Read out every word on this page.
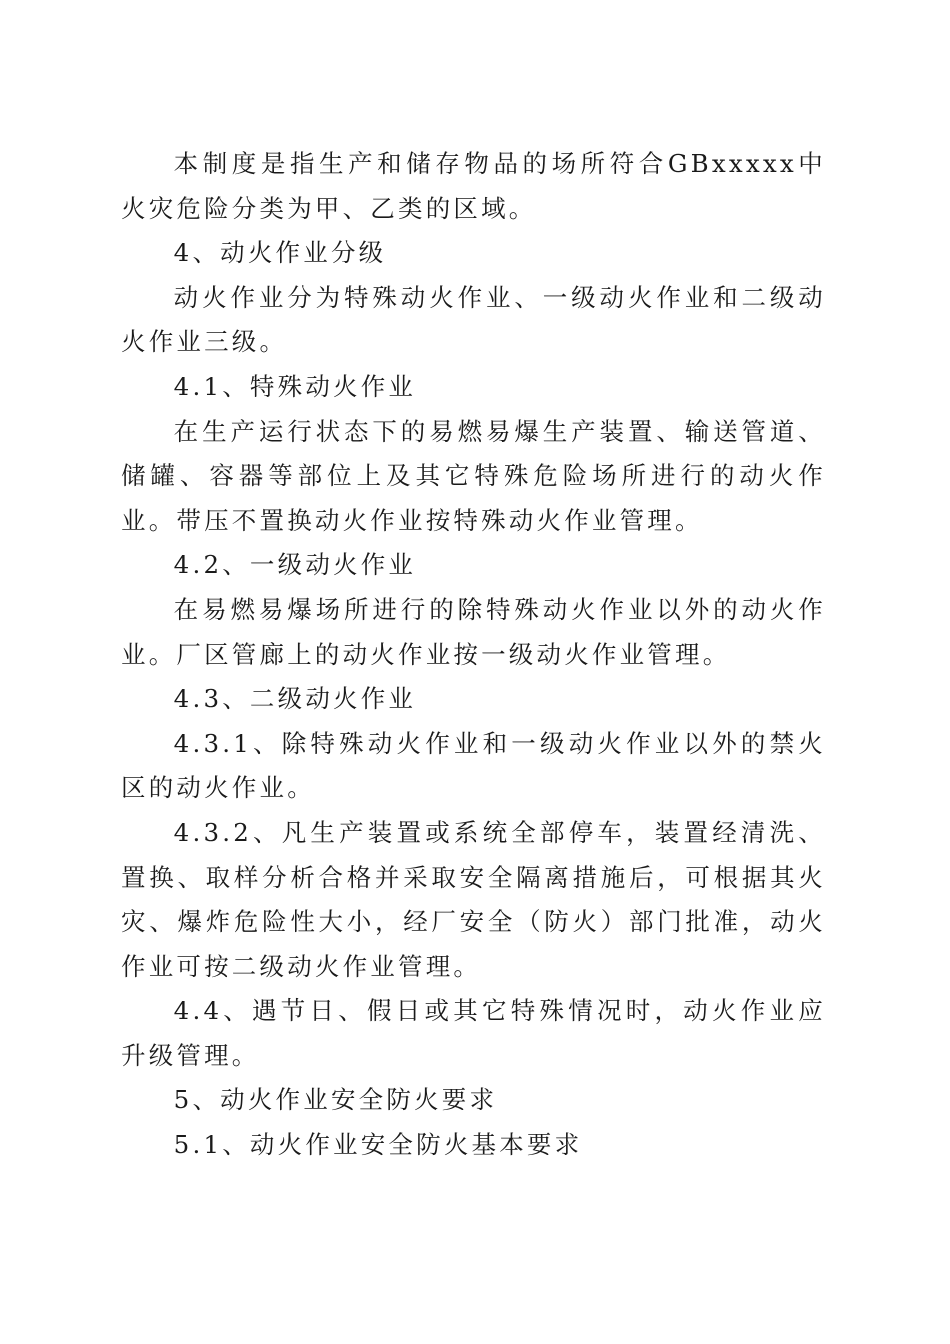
本制度是指生产和储存物品的场所符合GBxxxxx中火灾危险分类为甲、乙类的区域。

4、动火作业分级

动火作业分为特殊动火作业、一级动火作业和二级动火作业三级。

4.1、特殊动火作业

在生产运行状态下的易燃易爆生产装置、输送管道、储罐、容器等部位上及其它特殊危险场所进行的动火作业。带压不置换动火作业按特殊动火作业管理。

4.2、一级动火作业

在易燃易爆场所进行的除特殊动火作业以外的动火作业。厂区管廊上的动火作业按一级动火作业管理。

4.3、二级动火作业

4.3.1、除特殊动火作业和一级动火作业以外的禁火区的动火作业。

4.3.2、凡生产装置或系统全部停车，装置经清洗、置换、取样分析合格并采取安全隔离措施后，可根据其火灾、爆炸危险性大小，经厂安全（防火）部门批准，动火作业可按二级动火作业管理。

4.4、遇节日、假日或其它特殊情况时，动火作业应升级管理。

5、动火作业安全防火要求

5.1、动火作业安全防火基本要求
